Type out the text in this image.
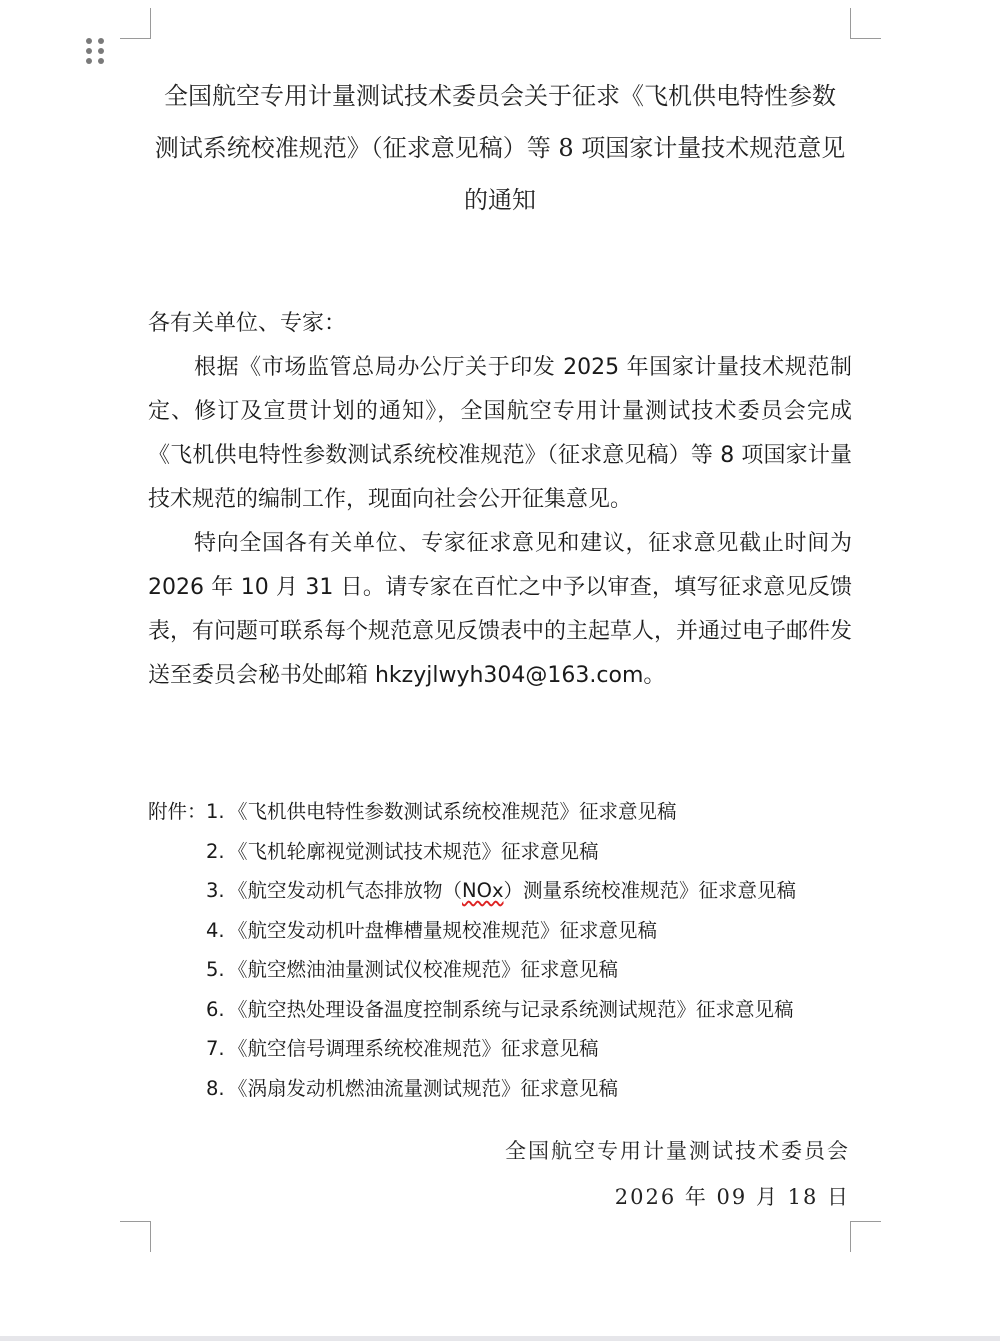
全国航空专用计量测试技术委员会关于征求《飞机供电特性参数
测试系统校准规范》（征求意见稿）等 8 项国家计量技术规范意见
的通知
各有关单位、专家：

根据《市场监管总局办公厅关于印发 2025 年国家计量技术规范制定、修订及宣贯计划的通知》，全国航空专用计量测试技术委员会完成《飞机供电特性参数测试系统校准规范》（征求意见稿）等 8 项国家计量技术规范的编制工作，现面向社会公开征集意见。

特向全国各有关单位、专家征求意见和建议，征求意见截止时间为 2026 年 10 月 31 日。请专家在百忙之中予以审查，填写征求意见反馈表，有问题可联系每个规范意见反馈表中的主起草人，并通过电子邮件发送至委员会秘书处邮箱 hkzyjlwyh304@163.com。

附件： 1. 《飞机供电特性参数测试系统校准规范》征求意见稿
2. 《飞机轮廓视觉测试技术规范》征求意见稿
3. 《航空发动机气态排放物（NOx）测量系统校准规范》征求意见稿
4. 《航空发动机叶盘榫槽量规校准规范》征求意见稿
5. 《航空燃油油量测试仪校准规范》征求意见稿
6. 《航空热处理设备温度控制系统与记录系统测试规范》征求意见稿
7. 《航空信号调理系统校准规范》征求意见稿
8. 《涡扇发动机燃油流量测试规范》征求意见稿
全国航空专用计量测试技术委员会
2026 年 09 月 18 日
